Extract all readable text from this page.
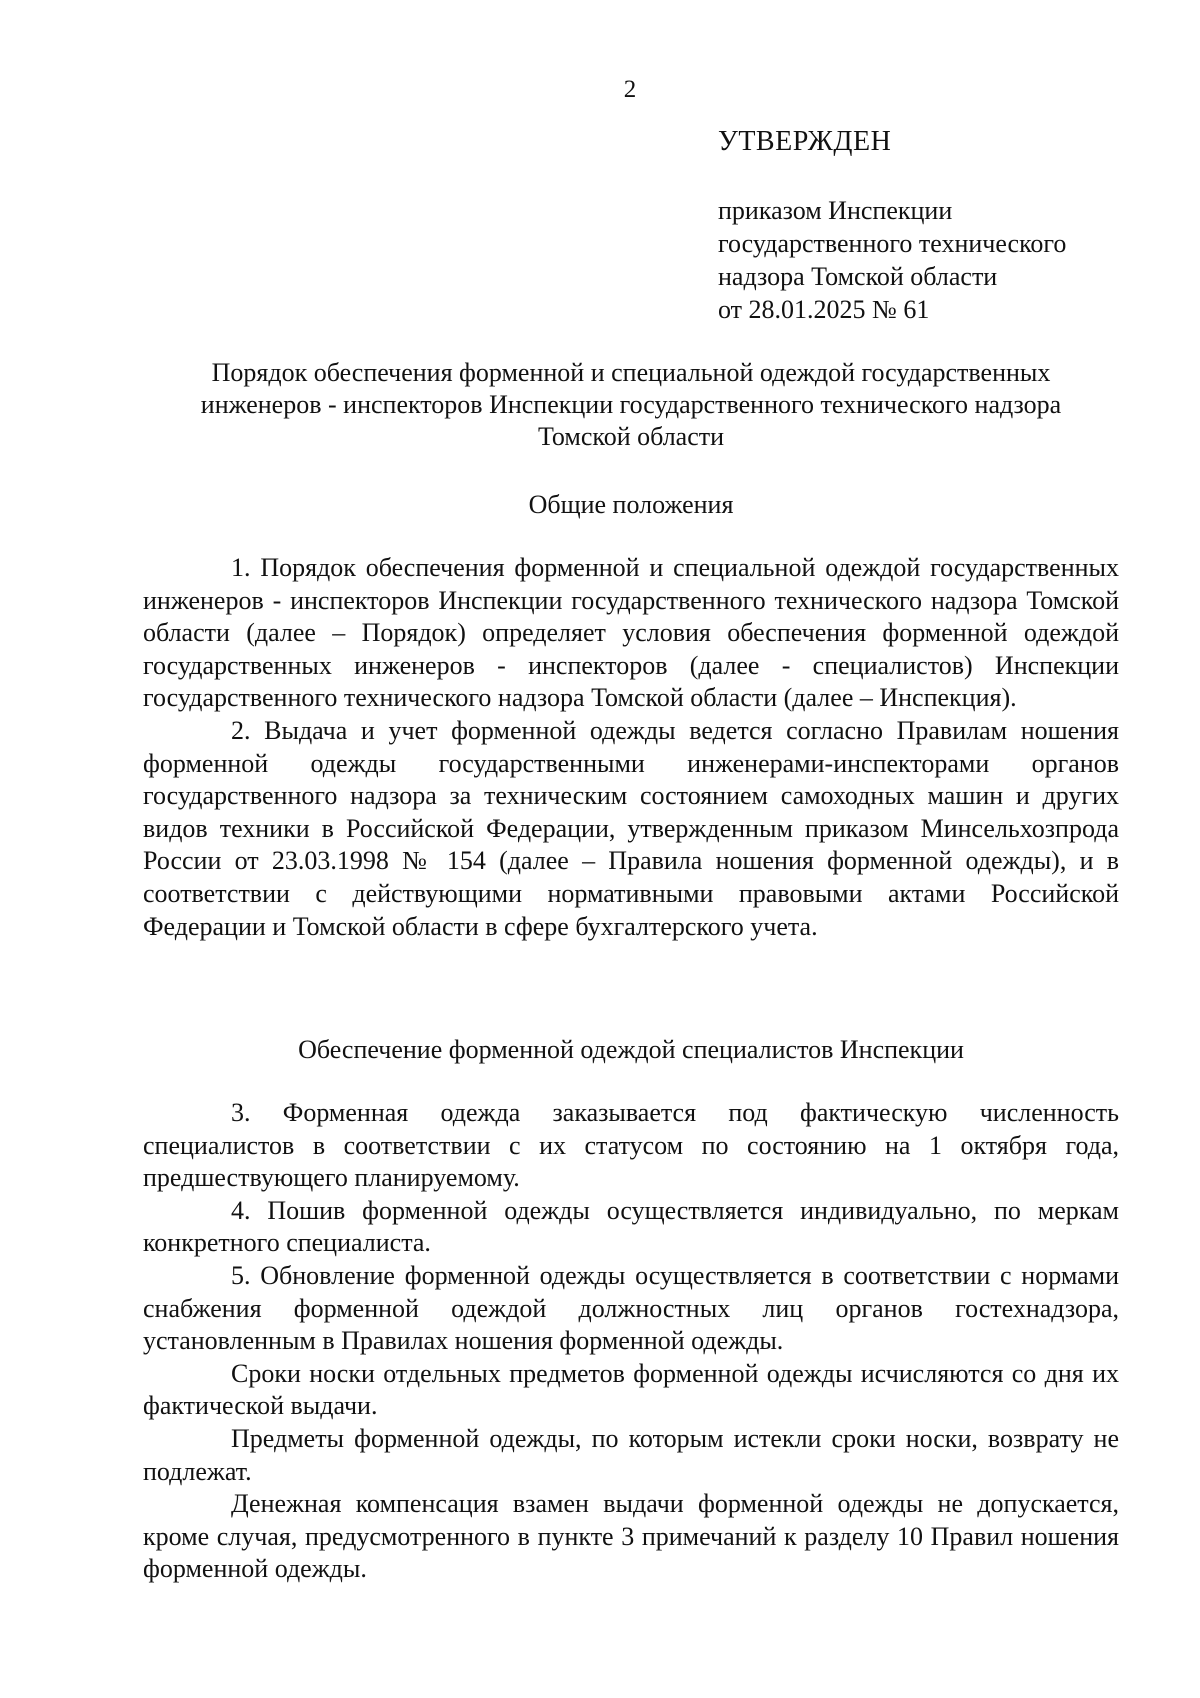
2
УТВЕРЖДЕН
приказом Инспекции
государственного технического
надзора Томской области
от 28.01.2025 № 61
Порядок обеспечения форменной и специальной одеждой государственных
инженеров - инспекторов Инспекции государственного технического надзора
Томской области
Общие положения

1. Порядок обеспечения форменной и специальной одеждой государственных инженеров - инспекторов Инспекции государственного технического надзора Томской области (далее – Порядок) определяет условия обеспечения форменной одеждой государственных инженеров - инспекторов (далее - специалистов) Инспекции государственного технического надзора Томской области (далее – Инспекция).

2. Выдача и учет форменной одежды ведется согласно Правилам ношения форменной одежды государственными инженерами-инспекторами органов государственного надзора за техническим состоянием самоходных машин и других видов техники в Российской Федерации, утвержденным приказом Минсельхозпрода России от 23.03.1998 № 154 (далее – Правила ношения форменной одежды), и в соответствии с действующими нормативными правовыми актами Российской Федерации и Томской области в сфере бухгалтерского учета.

Обеспечение форменной одеждой специалистов Инспекции

3. Форменная одежда заказывается под фактическую численность специалистов в соответствии с их статусом по состоянию на 1 октября года, предшествующего планируемому.

4. Пошив форменной одежды осуществляется индивидуально, по меркам конкретного специалиста.

5. Обновление форменной одежды осуществляется в соответствии с нормами снабжения форменной одеждой должностных лиц органов гостехнадзора, установленным в Правилах ношения форменной одежды.

Сроки носки отдельных предметов форменной одежды исчисляются со дня их фактической выдачи.

Предметы форменной одежды, по которым истекли сроки носки, возврату не подлежат.

Денежная компенсация взамен выдачи форменной одежды не допускается, кроме случая, предусмотренного в пункте 3 примечаний к разделу 10 Правил ношения форменной одежды.
